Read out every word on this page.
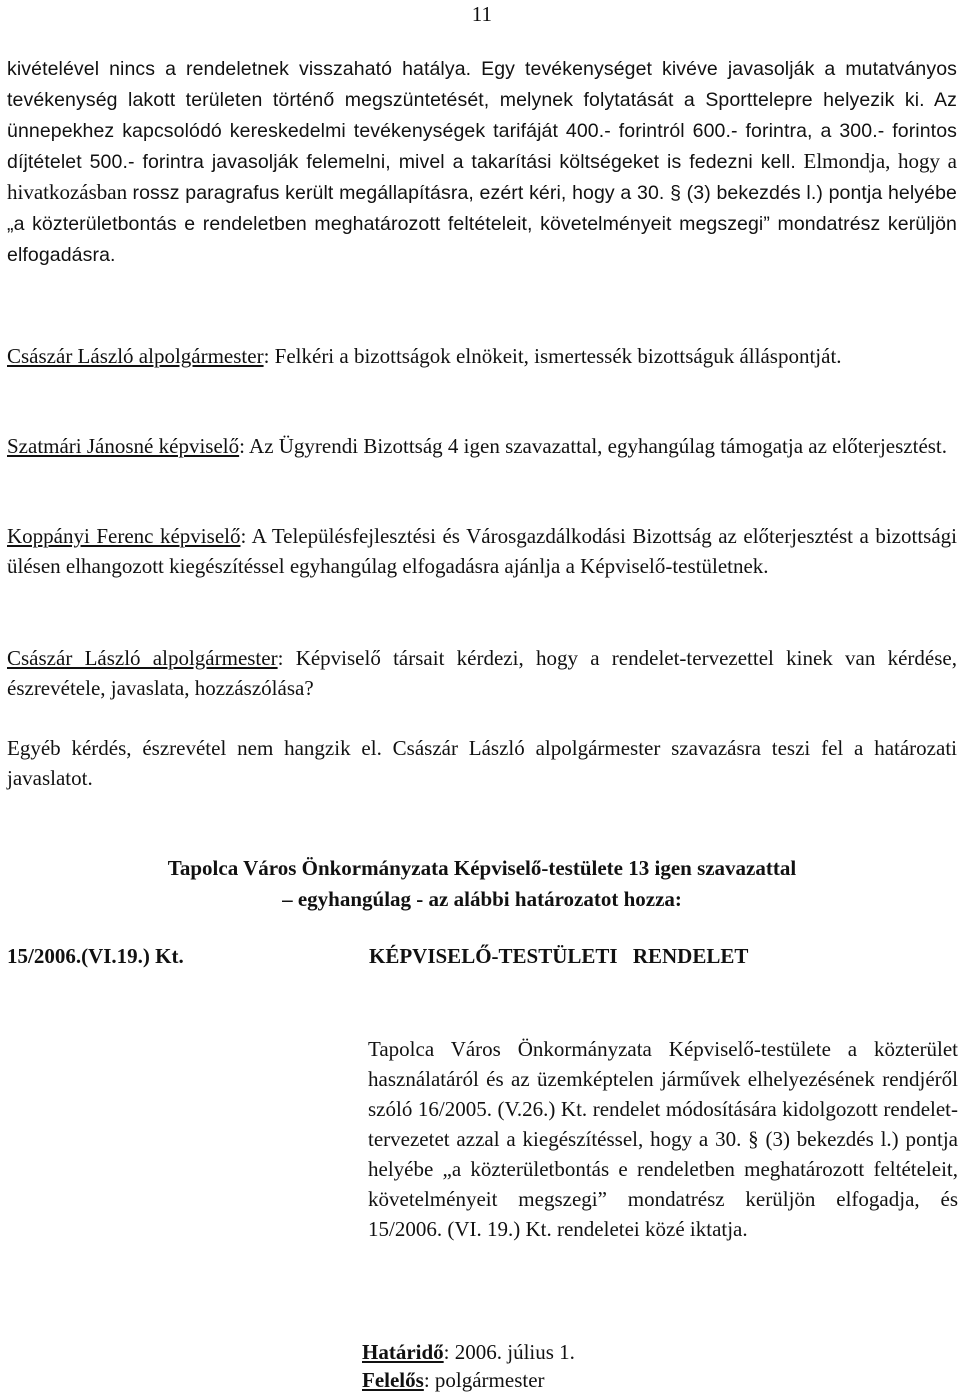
11

kivételével nincs a rendeletnek visszaható hatálya. Egy tevékenységet kivéve javasolják a mutatványos tevékenység lakott területen történő megszüntetését, melynek folytatását a Sporttelepre helyezik ki. Az ünnepekhez kapcsolódó kereskedelmi tevékenységek tarifáját 400.- forintról 600.- forintra, a 300.- forintos díjtételet 500.- forintra javasolják felemelni, mivel a takarítási költségeket is fedezni kell. Elmondja, hogy a hivatkozásban rossz paragrafus került megállapításra, ezért kéri, hogy a 30. § (3) bekezdés l.) pontja helyébe „a közterületbontás e rendeletben meghatározott feltételeit, követelményeit megszegi” mondatrész kerüljön elfogadásra.

Császár László alpolgármester: Felkéri a bizottságok elnökeit, ismertessék bizottságuk álláspontját.

Szatmári Jánosné képviselő: Az Ügyrendi Bizottság 4 igen szavazattal, egyhangúlag támogatja az előterjesztést.

Koppányi Ferenc képviselő: A Településfejlesztési és Városgazdálkodási Bizottság az előterjesztést a bizottsági ülésen elhangozott kiegészítéssel egyhangúlag elfogadásra ajánlja a Képviselő-testületnek.

Császár László alpolgármester: Képviselő társait kérdezi, hogy a rendelet-tervezettel kinek van kérdése, észrevétele, javaslata, hozzászólása?

Egyéb kérdés, észrevétel nem hangzik el. Császár László alpolgármester szavazásra teszi fel a határozati javaslatot.

Tapolca Város Önkormányzata Képviselő-testülete 13 igen szavazattal
– egyhangúlag - az alábbi határozatot hozza:
15/2006.(VI.19.) Kt.	KÉPVISELŐ-TESTÜLETI RENDELET

Tapolca Város Önkormányzata Képviselő-testülete a közterület használatáról és az üzemképtelen járművek elhelyezésének rendjéről szóló 16/2005. (V.26.) Kt. rendelet módosítására kidolgozott rendelet-tervezetet azzal a kiegészítéssel, hogy a 30. § (3) bekezdés l.) pontja helyébe „a közterületbontás e rendeletben meghatározott feltételeit, követelményeit megszegi” mondatrész kerüljön elfogadja, és 15/2006. (VI. 19.) Kt. rendeletei közé iktatja.

Határidő: 2006. július 1.
Felelős: polgármester
